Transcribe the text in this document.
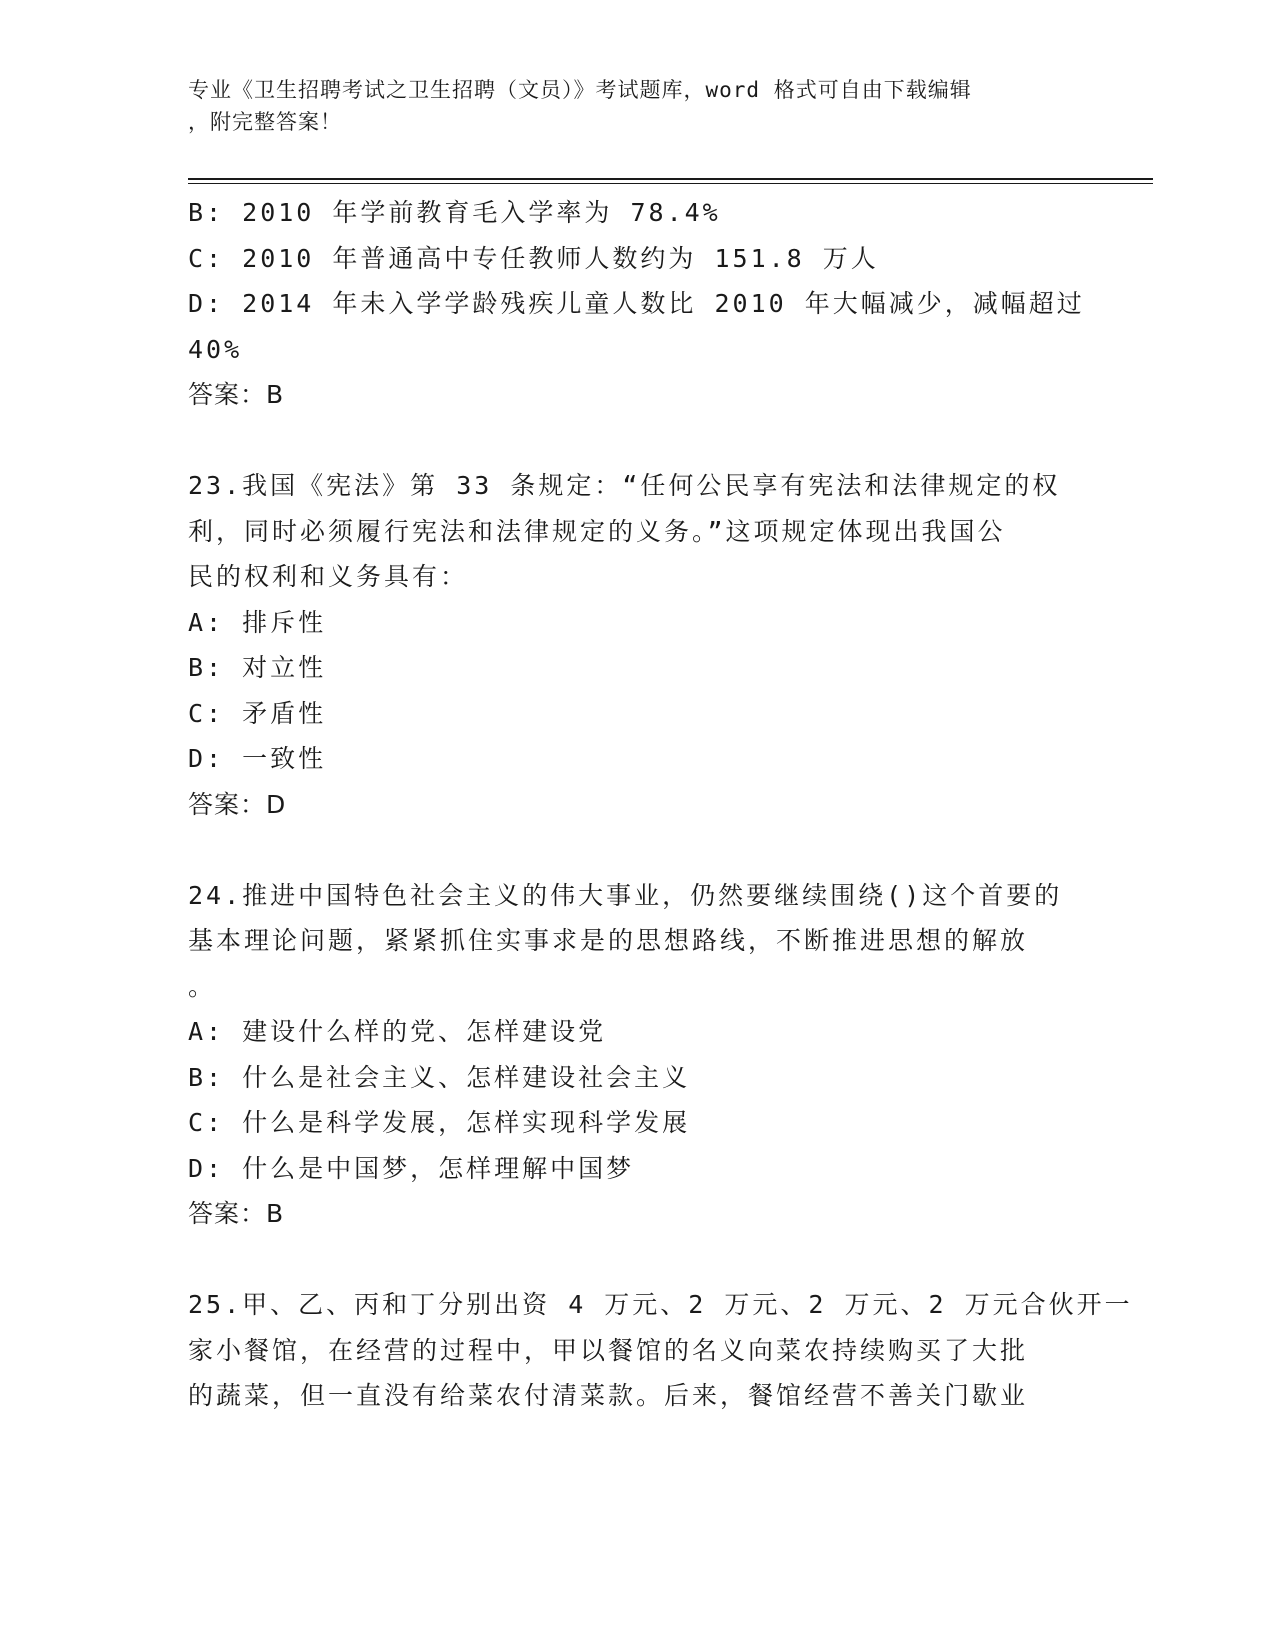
专业《卫生招聘考试之卫生招聘（文员）》考试题库，word 格式可自由下载编辑
，附完整答案！
B: 2010 年学前教育毛入学率为 78.4%
C: 2010 年普通高中专任教师人数约为 151.8 万人
D: 2014 年未入学学龄残疾儿童人数比 2010 年大幅减少，减幅超过
40%
答案：B
23.我国《宪法》第 33 条规定：“任何公民享有宪法和法律规定的权
利，同时必须履行宪法和法律规定的义务。”这项规定体现出我国公
民的权利和义务具有：
A: 排斥性
B: 对立性
C: 矛盾性
D: 一致性
答案：D
24.推进中国特色社会主义的伟大事业，仍然要继续围绕()这个首要的
基本理论问题，紧紧抓住实事求是的思想路线，不断推进思想的解放
。
A: 建设什么样的党、怎样建设党
B: 什么是社会主义、怎样建设社会主义
C: 什么是科学发展，怎样实现科学发展
D: 什么是中国梦，怎样理解中国梦
答案：B
25.甲、乙、丙和丁分别出资 4 万元、2 万元、2 万元、2 万元合伙开一
家小餐馆，在经营的过程中，甲以餐馆的名义向菜农持续购买了大批
的蔬菜，但一直没有给菜农付清菜款。后来，餐馆经营不善关门歇业
